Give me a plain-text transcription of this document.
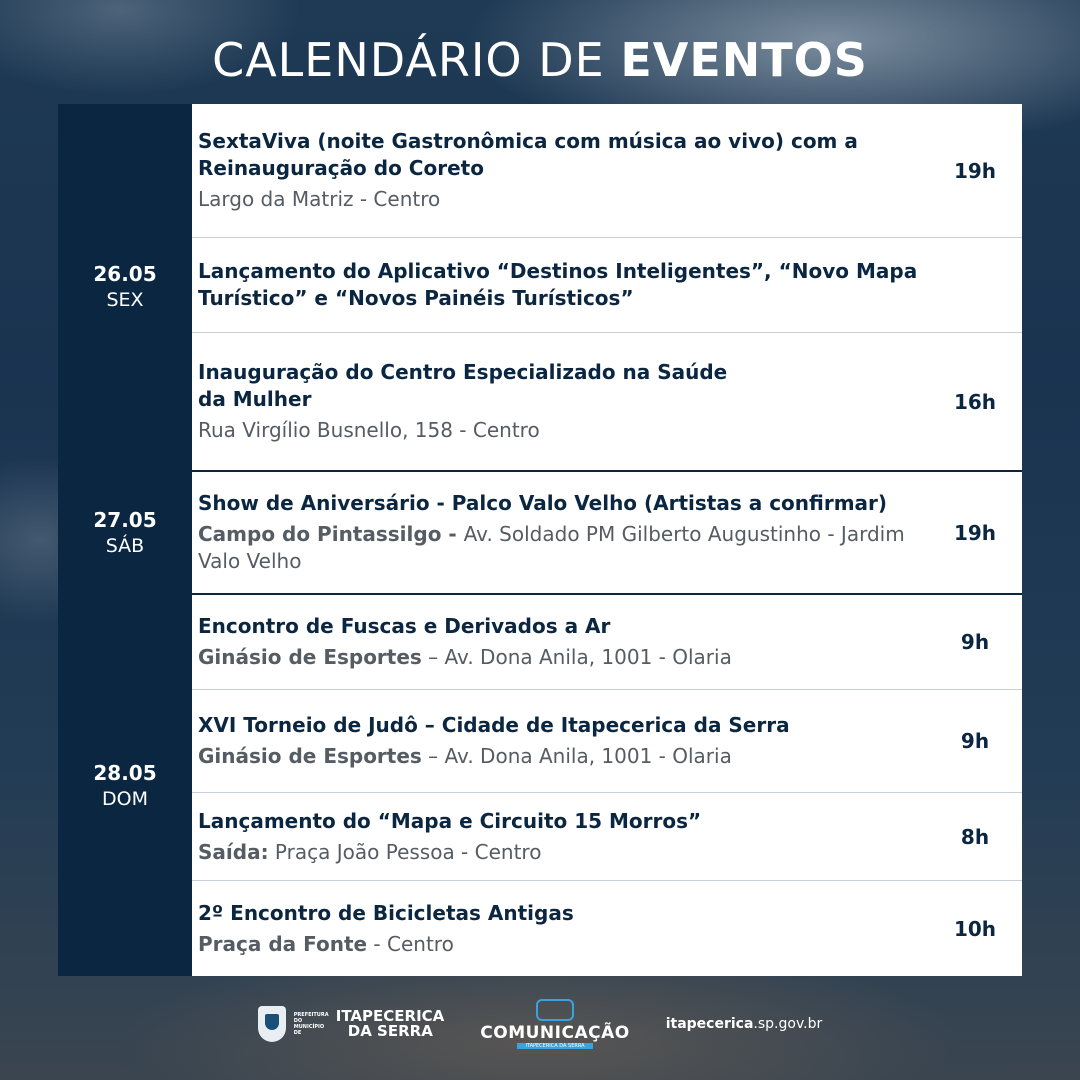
CALENDÁRIO DE EVENTOS
26.05
SEX
SextaViva (noite Gastronômica com música ao vivo) com a Reinauguração do Coreto
Largo da Matriz - Centro
19h
Lançamento do Aplicativo “Destinos Inteligentes”, “Novo Mapa Turístico” e “Novos Painéis Turísticos”
Inauguração do Centro Especializado na Saúde da Mulher
Rua Virgílio Busnello, 158 - Centro
16h
27.05
SÁB
Show de Aniversário - Palco Valo Velho (Artistas a confirmar)
Campo do Pintassilgo - Av. Soldado PM Gilberto Augustinho - Jardim Valo Velho
19h
28.05
DOM
Encontro de Fuscas e Derivados a Ar
Ginásio de Esportes – Av. Dona Anila, 1001 - Olaria
9h
XVI Torneio de Judô – Cidade de Itapecerica da Serra
Ginásio de Esportes – Av. Dona Anila, 1001 - Olaria
9h
Lançamento do “Mapa e Circuito 15 Morros”
Saída: Praça João Pessoa - Centro
8h
2º Encontro de Bicicletas Antigas
Praça da Fonte - Centro
10h
PREFEITURA DO MUNICÍPIO DE
ITAPECERICA
DA SERRA	COMUNICAÇÃO
ITAPECERICA DA SERRA
itapecerica.sp.gov.br
